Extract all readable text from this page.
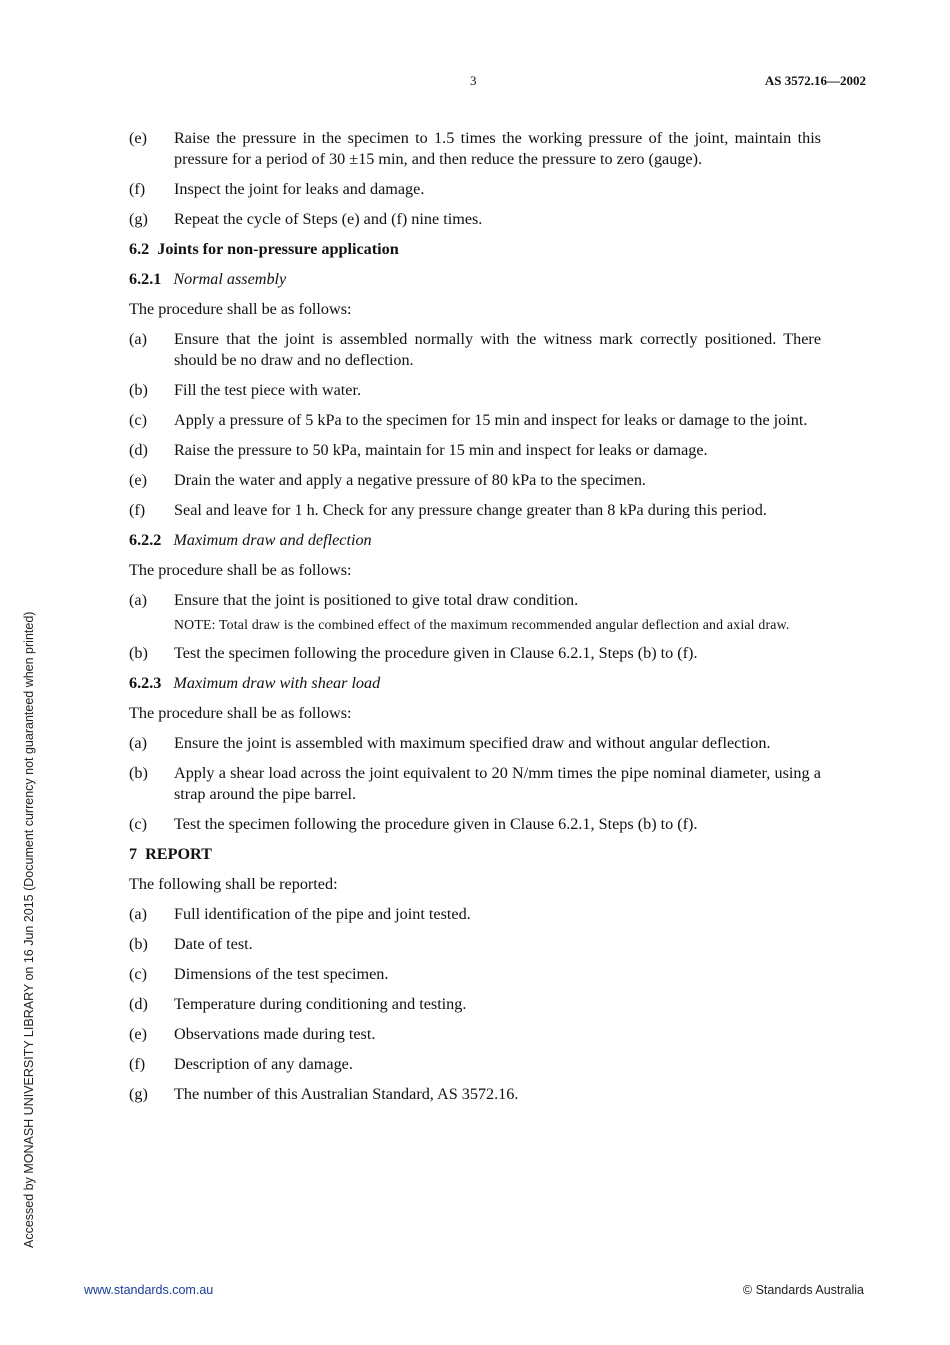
3	AS 3572.16—2002
(e)	Raise the pressure in the specimen to 1.5 times the working pressure of the joint, maintain this pressure for a period of 30 ±15 min, and then reduce the pressure to zero (gauge).
(f)	Inspect the joint for leaks and damage.
(g)	Repeat the cycle of Steps (e) and (f) nine times.
6.2 Joints for non-pressure application
6.2.1 Normal assembly
The procedure shall be as follows:
(a)	Ensure that the joint is assembled normally with the witness mark correctly positioned. There should be no draw and no deflection.
(b)	Fill the test piece with water.
(c)	Apply a pressure of 5 kPa to the specimen for 15 min and inspect for leaks or damage to the joint.
(d)	Raise the pressure to 50 kPa, maintain for 15 min and inspect for leaks or damage.
(e)	Drain the water and apply a negative pressure of 80 kPa to the specimen.
(f)	Seal and leave for 1 h. Check for any pressure change greater than 8 kPa during this period.
6.2.2 Maximum draw and deflection
The procedure shall be as follows:
(a)	Ensure that the joint is positioned to give total draw condition.
NOTE: Total draw is the combined effect of the maximum recommended angular deflection and axial draw.
(b)	Test the specimen following the procedure given in Clause 6.2.1, Steps (b) to (f).
6.2.3 Maximum draw with shear load
The procedure shall be as follows:
(a)	Ensure the joint is assembled with maximum specified draw and without angular deflection.
(b)	Apply a shear load across the joint equivalent to 20 N/mm times the pipe nominal diameter, using a strap around the pipe barrel.
(c)	Test the specimen following the procedure given in Clause 6.2.1, Steps (b) to (f).
7 REPORT
The following shall be reported:
(a)	Full identification of the pipe and joint tested.
(b)	Date of test.
(c)	Dimensions of the test specimen.
(d)	Temperature during conditioning and testing.
(e)	Observations made during test.
(f)	Description of any damage.
(g)	The number of this Australian Standard, AS 3572.16.
Accessed by MONASH UNIVERSITY LIBRARY on 16 Jun 2015 (Document currency not guaranteed when printed)
www.standards.com.au	© Standards Australia
